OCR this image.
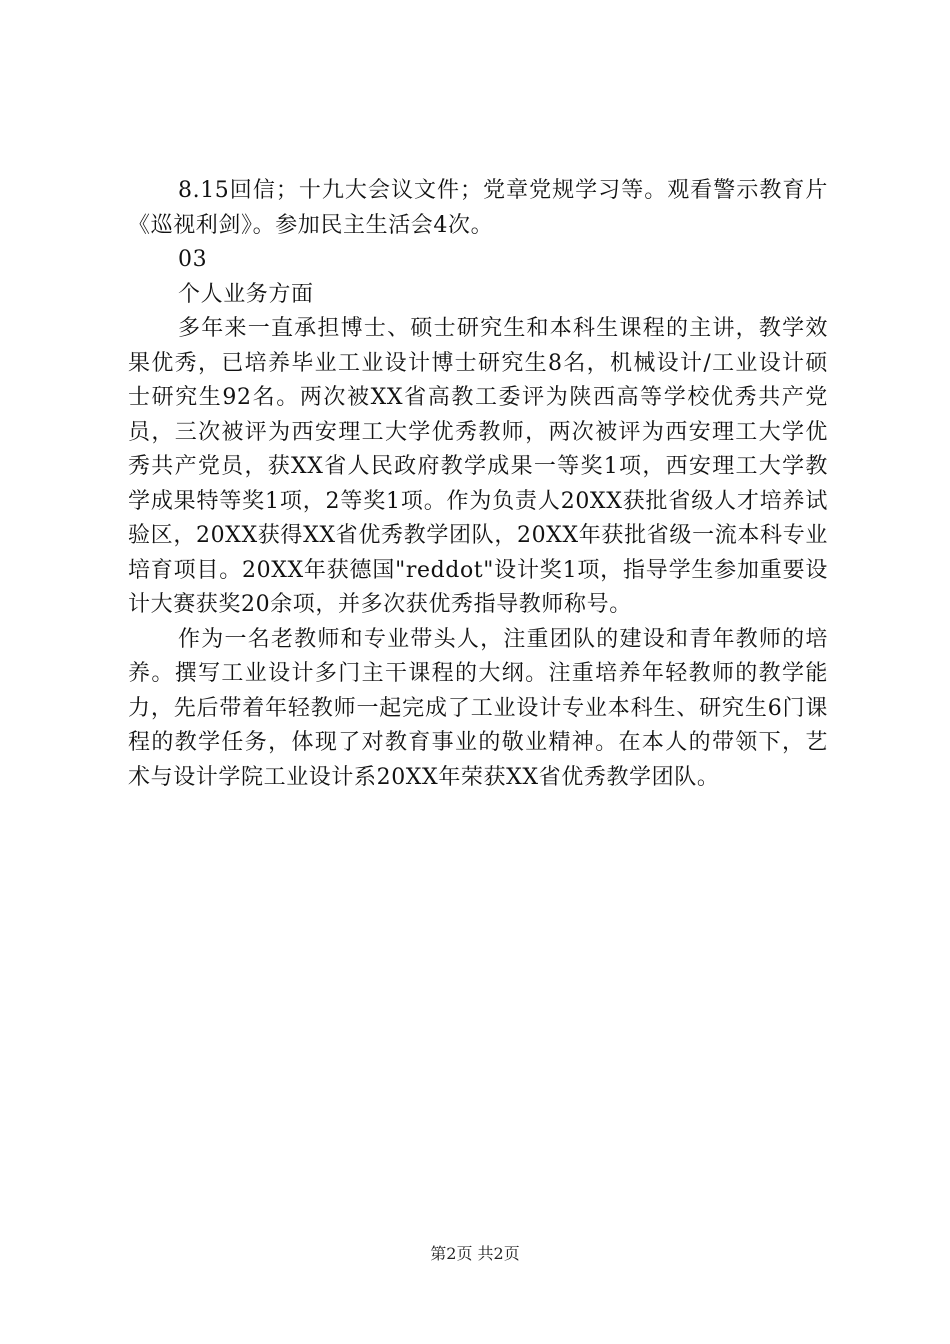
8.15回信；十九大会议文件；党章党规学习等。观看警示教育片《巡视利剑》。参加民主生活会4次。

03

个人业务方面

多年来一直承担博士、硕士研究生和本科生课程的主讲，教学效果优秀，已培养毕业工业设计博士研究生8名，机械设计/工业设计硕士研究生92名。两次被XX省高教工委评为陕西高等学校优秀共产党员，三次被评为西安理工大学优秀教师，两次被评为西安理工大学优秀共产党员，获XX省人民政府教学成果一等奖1项，西安理工大学教学成果特等奖1项，2等奖1项。作为负责人20XX获批省级人才培养试验区，20XX获得XX省优秀教学团队，20XX年获批省级一流本科专业培育项目。20XX年获德国"reddot"设计奖1项，指导学生参加重要设计大赛获奖20余项，并多次获优秀指导教师称号。

作为一名老教师和专业带头人，注重团队的建设和青年教师的培养。撰写工业设计多门主干课程的大纲。注重培养年轻教师的教学能力，先后带着年轻教师一起完成了工业设计专业本科生、研究生6门课程的教学任务，体现了对教育事业的敬业精神。在本人的带领下，艺术与设计学院工业设计系20XX年荣获XX省优秀教学团队。

第2页 共2页
